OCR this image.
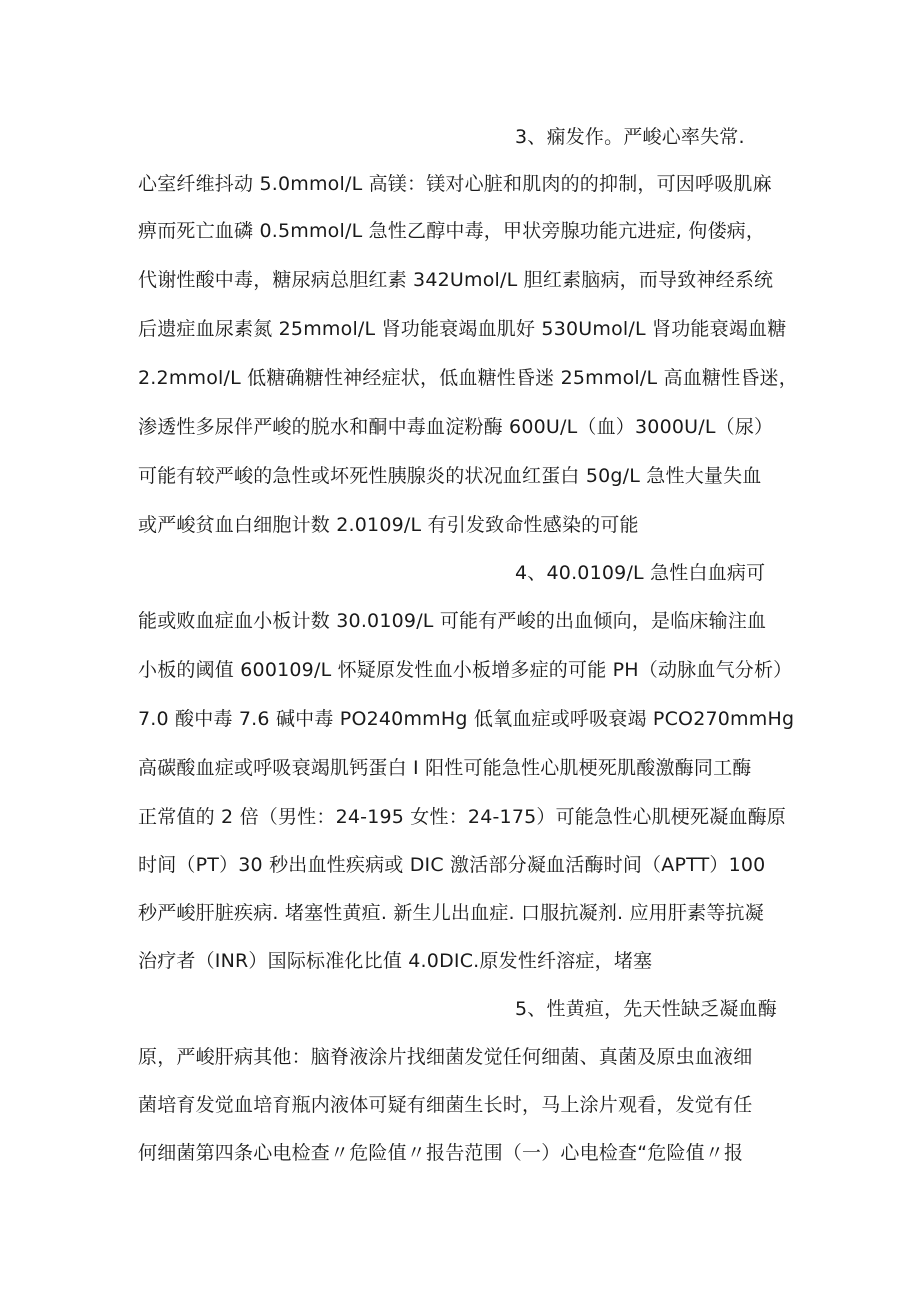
3、痫发作。严峻心率失常.
心室纤维抖动 5.0mmol/L 高镁：镁对心脏和肌肉的的抑制，可因呼吸肌麻
痹而死亡血磷 0.5mmol/L 急性乙醇中毒，甲状旁腺功能亢进症, 佝偻病，
代谢性酸中毒，糖尿病总胆红素 342Umol/L 胆红素脑病，而导致神经系统
后遗症血尿素氮 25mmol/L 肾功能衰竭血肌好 530Umol/L 肾功能衰竭血糖
2.2mmol/L 低糖确糖性神经症状，低血糖性昏迷 25mmol/L 高血糖性昏迷，
渗透性多尿伴严峻的脱水和酮中毒血淀粉酶 600U/L（血）3000U/L（尿）
可能有较严峻的急性或坏死性胰腺炎的状况血红蛋白 50g/L 急性大量失血
或严峻贫血白细胞计数 2.0109/L 有引发致命性感染的可能
4、40.0109/L 急性白血病可
能或败血症血小板计数 30.0109/L 可能有严峻的出血倾向，是临床输注血
小板的阈值 600109/L 怀疑原发性血小板增多症的可能 PH（动脉血气分析）
7.0 酸中毒 7.6 碱中毒 PO240mmHg 低氧血症或呼吸衰竭 PCO270mmHg
高碳酸血症或呼吸衰竭肌钙蛋白 I 阳性可能急性心肌梗死肌酸激酶同工酶
正常值的 2 倍（男性：24-195 女性：24-175）可能急性心肌梗死凝血酶原
时间（PT）30 秒出血性疾病或 DIC 激活部分凝血活酶时间（APTT）100
秒严峻肝脏疾病. 堵塞性黄疸. 新生儿出血症. 口服抗凝剂. 应用肝素等抗凝
治疗者（INR）国际标准化比值 4.0DIC.原发性纤溶症，堵塞
5、性黄疸，先天性缺乏凝血酶
原，严峻肝病其他：脑脊液涂片找细菌发觉任何细菌、真菌及原虫血液细
菌培育发觉血培育瓶内液体可疑有细菌生长时，马上涂片观看，发觉有任
何细菌第四条心电检查〃危险值〃报告范围（一）心电检查“危险值〃报
